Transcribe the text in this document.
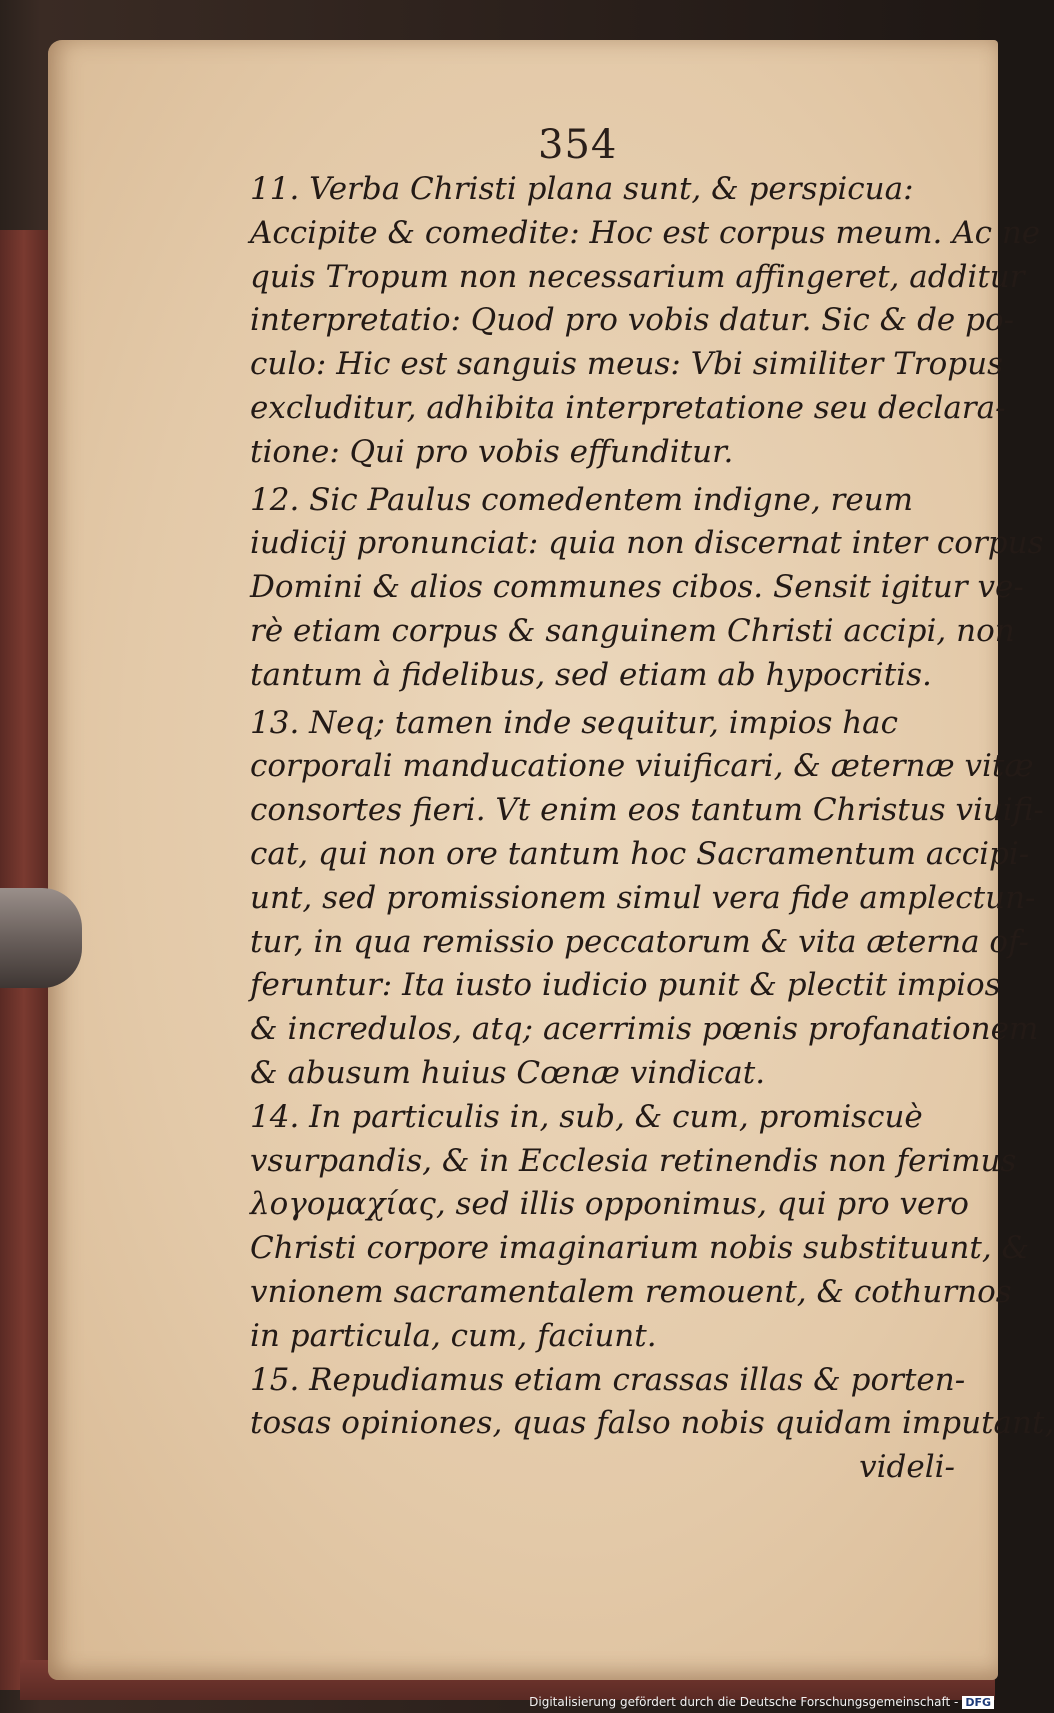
354
11. Verba Christi plana sunt, & perspicua:
Accipite & comedite: Hoc est corpus meum. Ac ne
quis Tropum non necessarium affingeret, additur
interpretatio: Quod pro vobis datur. Sic & de po-
culo: Hic est sanguis meus: Vbi similiter Tropus
excluditur, adhibita interpretatione seu declara-
tione: Qui pro vobis effunditur.
12. Sic Paulus comedentem indigne, reum
iudicij pronunciat: quia non discernat inter corpus
Domini & alios communes cibos. Sensit igitur ve-
rè etiam corpus & sanguinem Christi accipi, non
tantum à fidelibus, sed etiam ab hypocritis.
13. Neq; tamen inde sequitur, impios hac
corporali manducatione viuificari, & æternæ vitæ
consortes fieri. Vt enim eos tantum Christus viuifi-
cat, qui non ore tantum hoc Sacramentum accipi-
unt, sed promissionem simul vera fide amplectun-
tur, in qua remissio peccatorum & vita æterna of-
feruntur: Ita iusto iudicio punit & plectit impios
& incredulos, atq; acerrimis pœnis profanationem
& abusum huius Cœnæ vindicat.
14. In particulis in, sub, & cum, promiscuè
vsurpandis, & in Ecclesia retinendis non ferimus
λογομαχίας, sed illis opponimus, qui pro vero
Christi corpore imaginarium nobis substituunt, &
vnionem sacramentalem remouent, & cothurnos
in particula, cum, faciunt.
15. Repudiamus etiam crassas illas & porten-
tosas opiniones, quas falso nobis quidam imputant,
videli-
Digitalisierung gefördert durch die Deutsche Forschungsgemeinschaft - DFG
